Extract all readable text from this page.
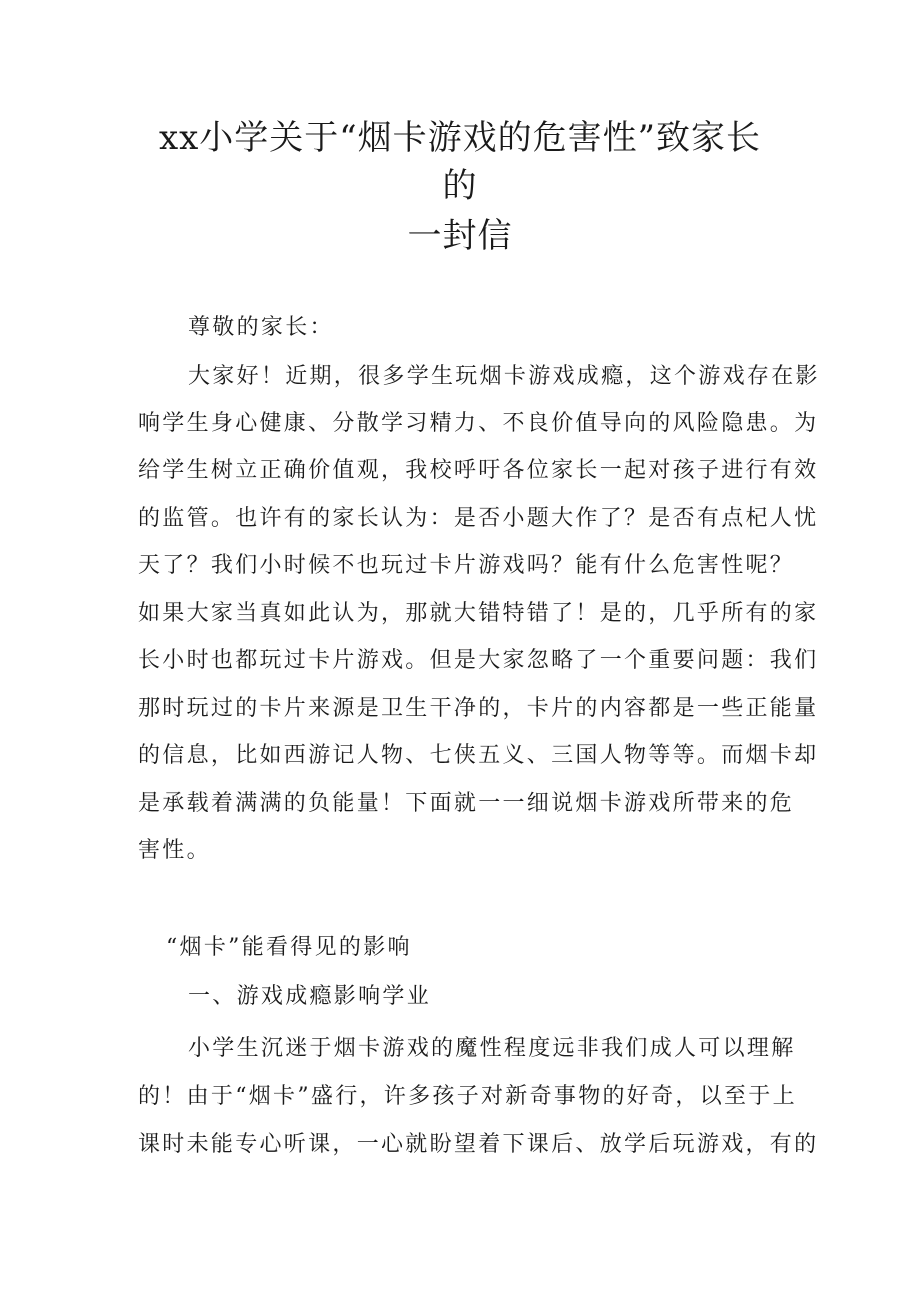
xx小学关于“烟卡游戏的危害性”致家长
的
一封信

尊敬的家长：

大家好！近期，很多学生玩烟卡游戏成瘾，这个游戏存在影

响学生身心健康、分散学习精力、不良价值导向的风险隐患。为

给学生树立正确价值观，我校呼吁各位家长一起对孩子进行有效

的监管。也许有的家长认为：是否小题大作了？是否有点杞人忧

天了？我们小时候不也玩过卡片游戏吗？能有什么危害性呢？

如果大家当真如此认为，那就大错特错了！是的，几乎所有的家

长小时也都玩过卡片游戏。但是大家忽略了一个重要问题：我们

那时玩过的卡片来源是卫生干净的，卡片的内容都是一些正能量

的信息，比如西游记人物、七侠五义、三国人物等等。而烟卡却

是承载着满满的负能量！下面就一一细说烟卡游戏所带来的危

害性。

“烟卡”能看得见的影响

一、游戏成瘾影响学业

小学生沉迷于烟卡游戏的魔性程度远非我们成人可以理解

的！由于“烟卡”盛行，许多孩子对新奇事物的好奇，以至于上

课时未能专心听课，一心就盼望着下课后、放学后玩游戏，有的
